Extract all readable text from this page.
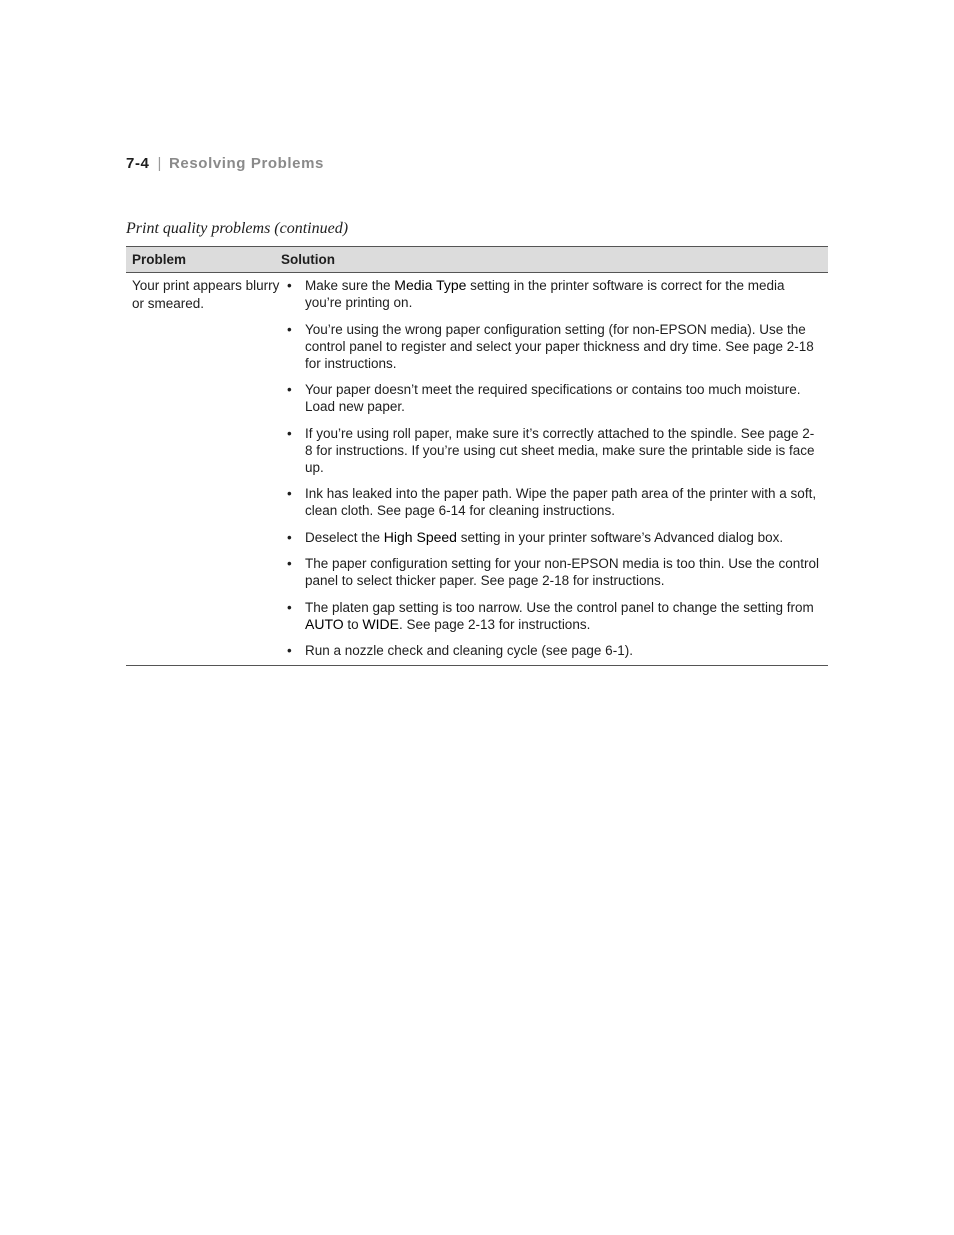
7-4 | Resolving Problems
Print quality problems (continued)
Problem	Solution
Your print appears blurry or smeared.
• Make sure the Media Type setting in the printer software is correct for the media you’re printing on.
• You’re using the wrong paper configuration setting (for non-EPSON media). Use the control panel to register and select your paper thickness and dry time. See page 2-18 for instructions.
• Your paper doesn’t meet the required specifications or contains too much moisture. Load new paper.
• If you’re using roll paper, make sure it’s correctly attached to the spindle. See page 2-8 for instructions. If you’re using cut sheet media, make sure the printable side is face up.
• Ink has leaked into the paper path. Wipe the paper path area of the printer with a soft, clean cloth. See page 6-14 for cleaning instructions.
• Deselect the High Speed setting in your printer software’s Advanced dialog box.
• The paper configuration setting for your non-EPSON media is too thin. Use the control panel to select thicker paper. See page 2-18 for instructions.
• The platen gap setting is too narrow. Use the control panel to change the setting from AUTO to WIDE. See page 2-13 for instructions.
• Run a nozzle check and cleaning cycle (see page 6-1).
